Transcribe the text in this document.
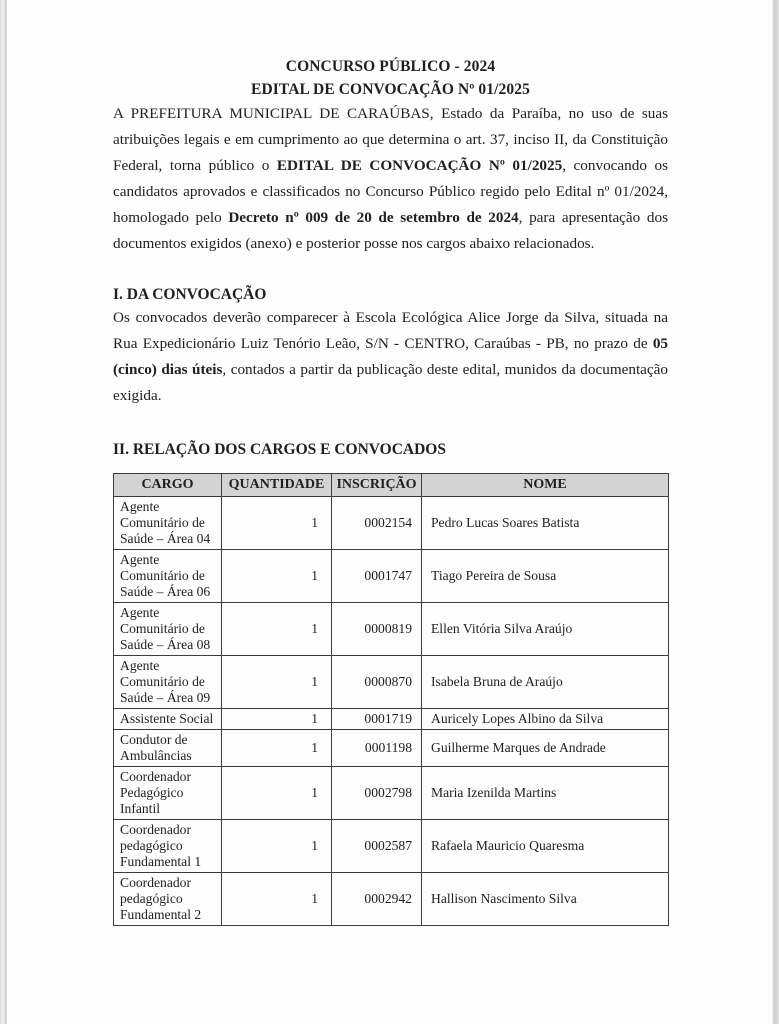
CONCURSO PÚBLICO - 2024
EDITAL DE CONVOCAÇÃO Nº 01/2025

A PREFEITURA MUNICIPAL DE CARAÚBAS, Estado da Paraíba, no uso de suas atribuições legais e em cumprimento ao que determina o art. 37, inciso II, da Constituição Federal, torna público o EDITAL DE CONVOCAÇÃO Nº 01/2025, convocando os candidatos aprovados e classificados no Concurso Público regido pelo Edital nº 01/2024, homologado pelo Decreto nº 009 de 20 de setembro de 2024, para apresentação dos documentos exigidos (anexo) e posterior posse nos cargos abaixo relacionados.

I. DA CONVOCAÇÃO

Os convocados deverão comparecer à Escola Ecológica Alice Jorge da Silva, situada na Rua Expedicionário Luiz Tenório Leão, S/N - CENTRO, Caraúbas - PB, no prazo de 05 (cinco) dias úteis, contados a partir da publicação deste edital, munidos da documentação exigida.

II. RELAÇÃO DOS CARGOS E CONVOCADOS
CARGO	QUANTIDADE	INSCRIÇÃO	NOME
Agente Comunitário de Saúde – Área 04	1	0002154	Pedro Lucas Soares Batista
Agente Comunitário de Saúde – Área 06	1	0001747	Tiago Pereira de Sousa
Agente Comunitário de Saúde – Área 08	1	0000819	Ellen Vitória Silva Araújo
Agente Comunitário de Saúde – Área 09	1	0000870	Isabela Bruna de Araújo
Assistente Social	1	0001719	Auricely Lopes Albino da Silva
Condutor de Ambulâncias	1	0001198	Guilherme Marques de Andrade
Coordenador Pedagógico Infantil	1	0002798	Maria Izenilda Martins
Coordenador pedagógico Fundamental 1	1	0002587	Rafaela Mauricio Quaresma
Coordenador pedagógico Fundamental 2	1	0002942	Hallison Nascimento Silva
